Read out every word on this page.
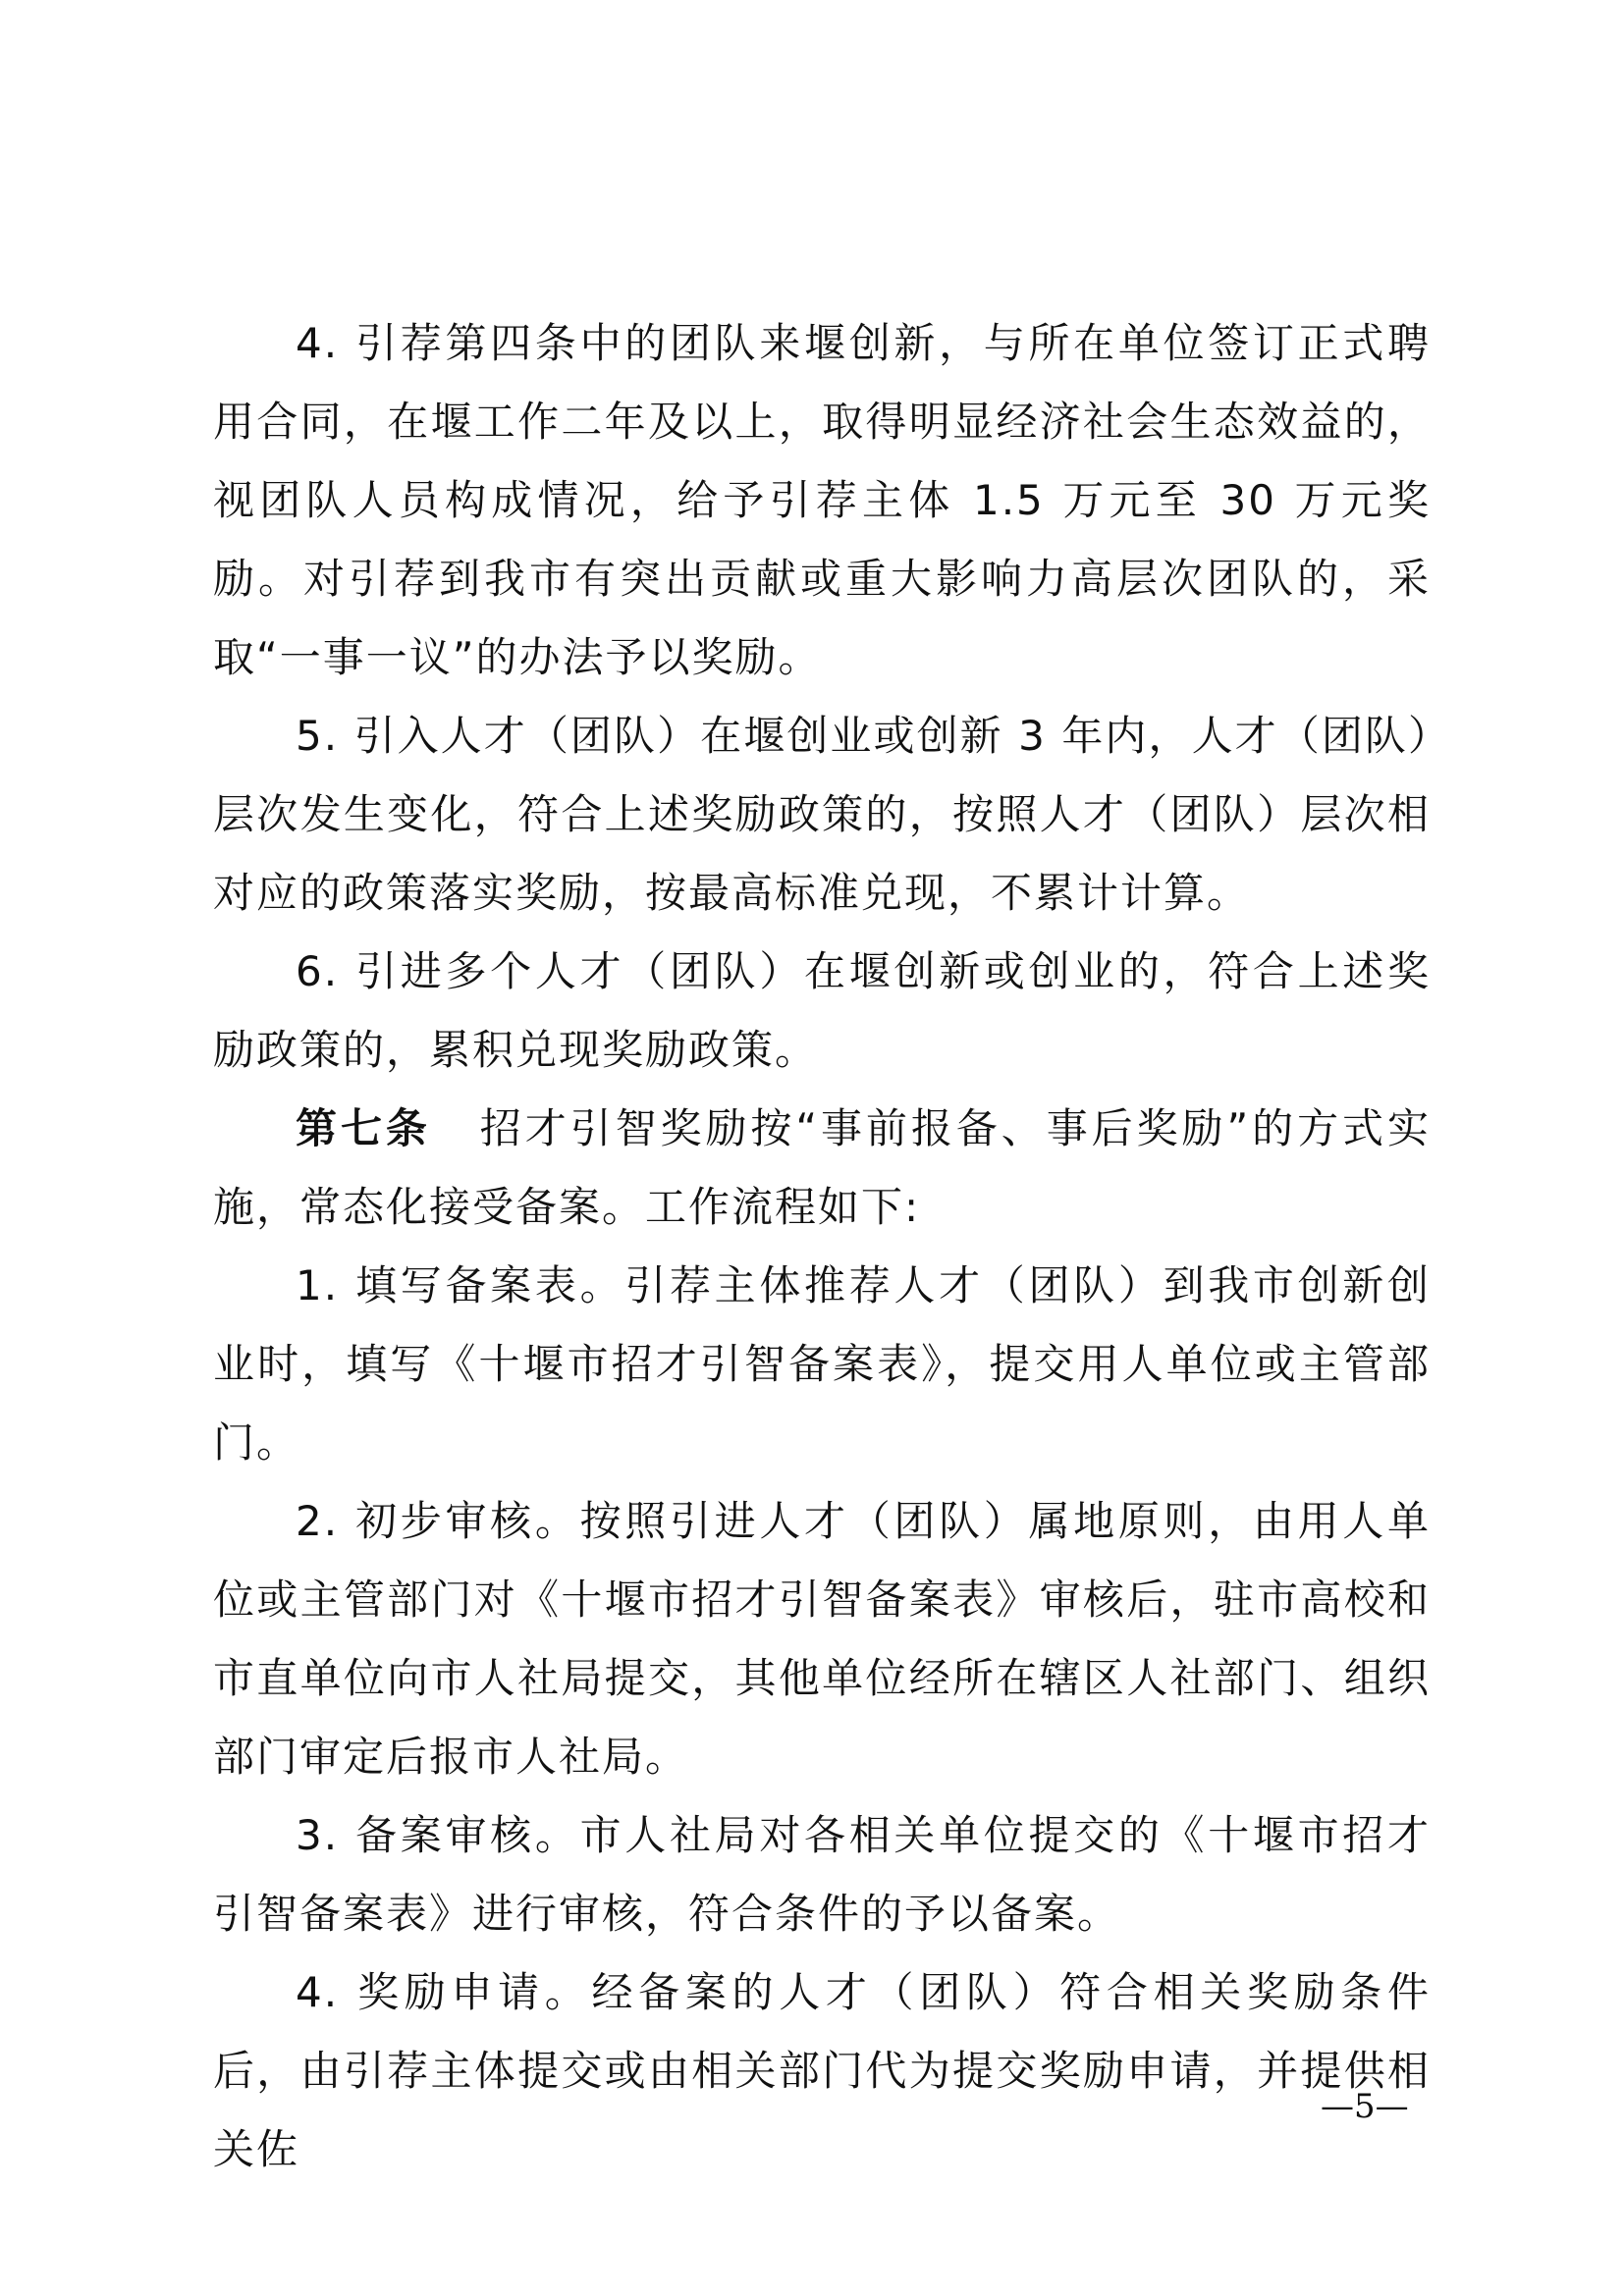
4. 引荐第四条中的团队来堰创新，与所在单位签订正式聘用合同，在堰工作二年及以上，取得明显经济社会生态效益的，视团队人员构成情况，给予引荐主体 1.5 万元至 30 万元奖励。对引荐到我市有突出贡献或重大影响力高层次团队的，采取“一事一议”的办法予以奖励。

5. 引入人才（团队）在堰创业或创新 3 年内，人才（团队）层次发生变化，符合上述奖励政策的，按照人才（团队）层次相对应的政策落实奖励，按最高标准兑现，不累计计算。

6. 引进多个人才（团队）在堰创新或创业的，符合上述奖励政策的，累积兑现奖励政策。

第七条 招才引智奖励按“事前报备、事后奖励”的方式实施，常态化接受备案。工作流程如下:

1. 填写备案表。引荐主体推荐人才（团队）到我市创新创业时，填写《十堰市招才引智备案表》，提交用人单位或主管部门。

2. 初步审核。按照引进人才（团队）属地原则，由用人单位或主管部门对《十堰市招才引智备案表》审核后，驻市高校和市直单位向市人社局提交，其他单位经所在辖区人社部门、组织部门审定后报市人社局。

3. 备案审核。市人社局对各相关单位提交的《十堰市招才引智备案表》进行审核，符合条件的予以备案。

4. 奖励申请。经备案的人才（团队）符合相关奖励条件后，由引荐主体提交或由相关部门代为提交奖励申请，并提供相关佐

—5—
